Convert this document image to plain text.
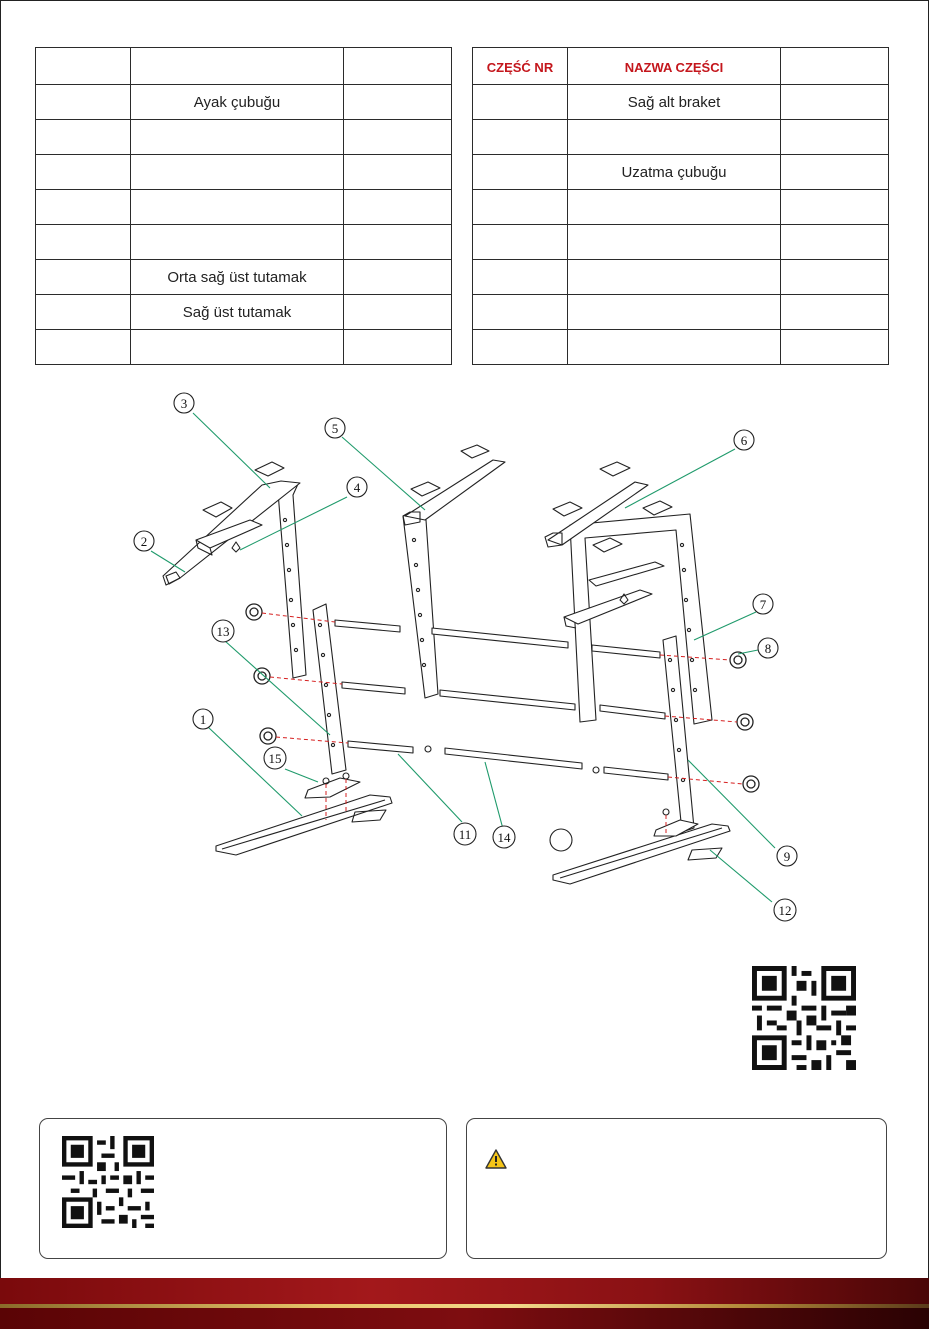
	Ayak çubuğu	

	Orta sağ üst tutamak	
	Sağ üst tutamak	

CZĘŚĆ NR	NAZWA CZĘŚCI	
	Sağ alt braket	

	Uzatma çubuğu	

1
2
3
4
5
6
7
8
9
11
12
13
14
15
